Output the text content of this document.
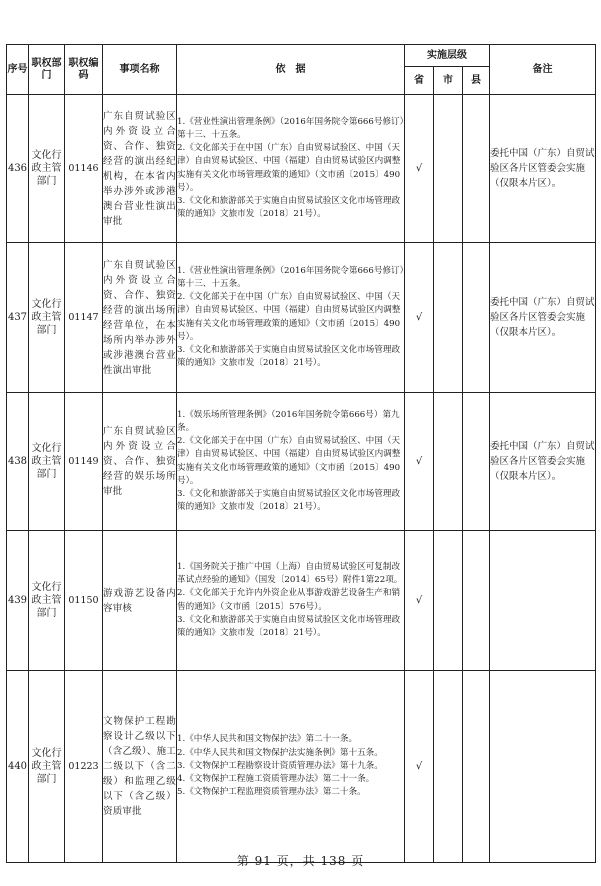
序号	职权部门	职权编码	事项名称	依　据	实施层级			备注
					省	市	县	
436	文化行政主管部门	01146	广东自贸试验区内外资设立合资、合作、独资经营的演出经纪机构，在本省内举办涉外或涉港澳台营业性演出审批	1.《营业性演出管理条例》（2016年国务院令第666号修订）第十三、十五条。
2.《文化部关于在中国（广东）自由贸易试验区、中国（天津）自由贸易试验区、中国（福建）自由贸易试验区内调整实施有关文化市场管理政策的通知》（文市函〔2015〕490号）。
3.《文化和旅游部关于实施自由贸易试验区文化市场管理政策的通知》文旅市发〔2018〕21号）。	√			委托中国（广东）自贸试验区各片区管委会实施（仅限本片区）。
437	文化行政主管部门	01147	广东自贸试验区内外资设立合资、合作、独资经营的演出场所经营单位，在本场所内举办涉外或涉港澳台营业性演出审批	1.《营业性演出管理条例》（2016年国务院令第666号修订）第十三、十五条。
2.《文化部关于在中国（广东）自由贸易试验区、中国（天津）自由贸易试验区、中国（福建）自由贸易试验区内调整实施有关文化市场管理政策的通知》（文市函〔2015〕490号）。
3.《文化和旅游部关于实施自由贸易试验区文化市场管理政策的通知》文旅市发〔2018〕21号）。	√			委托中国（广东）自贸试验区各片区管委会实施（仅限本片区）。
438	文化行政主管部门	01149	广东自贸试验区内外资设立合资、合作、独资经营的娱乐场所审批	1.《娱乐场所管理条例》（2016年国务院令第666号）第九条。
2.《文化部关于在中国（广东）自由贸易试验区、中国（天津）自由贸易试验区、中国（福建）自由贸易试验区内调整实施有关文化市场管理政策的通知》（文市函〔2015〕490号）。
3.《文化和旅游部关于实施自由贸易试验区文化市场管理政策的通知》文旅市发〔2018〕21号）。	√			委托中国（广东）自贸试验区各片区管委会实施（仅限本片区）。
439	文化行政主管部门	01150	游戏游艺设备内容审核	1.《国务院关于推广中国（上海）自由贸易试验区可复制改革试点经验的通知》（国发〔2014〕65号）附件1第22项。
2.《文化部关于允许内外资企业从事游戏游艺设备生产和销售的通知》（文市函〔2015〕576号）。
3.《文化和旅游部关于实施自由贸易试验区文化市场管理政策的通知》文旅市发〔2018〕21号）。	√			
440	文化行政主管部门	01223	文物保护工程勘察设计乙级以下（含乙级）、施工二级以下（含二级）和监理乙级以下（含乙级）资质审批	1.《中华人民共和国文物保护法》第二十一条。
2.《中华人民共和国文物保护法实施条例》第十五条。
3.《文物保护工程勘察设计资质管理办法》第十九条。
4.《文物保护工程施工资质管理办法》第二十一条。
5.《文物保护工程监理资质管理办法》第二十条。	√			
第 91 页，共 138 页
